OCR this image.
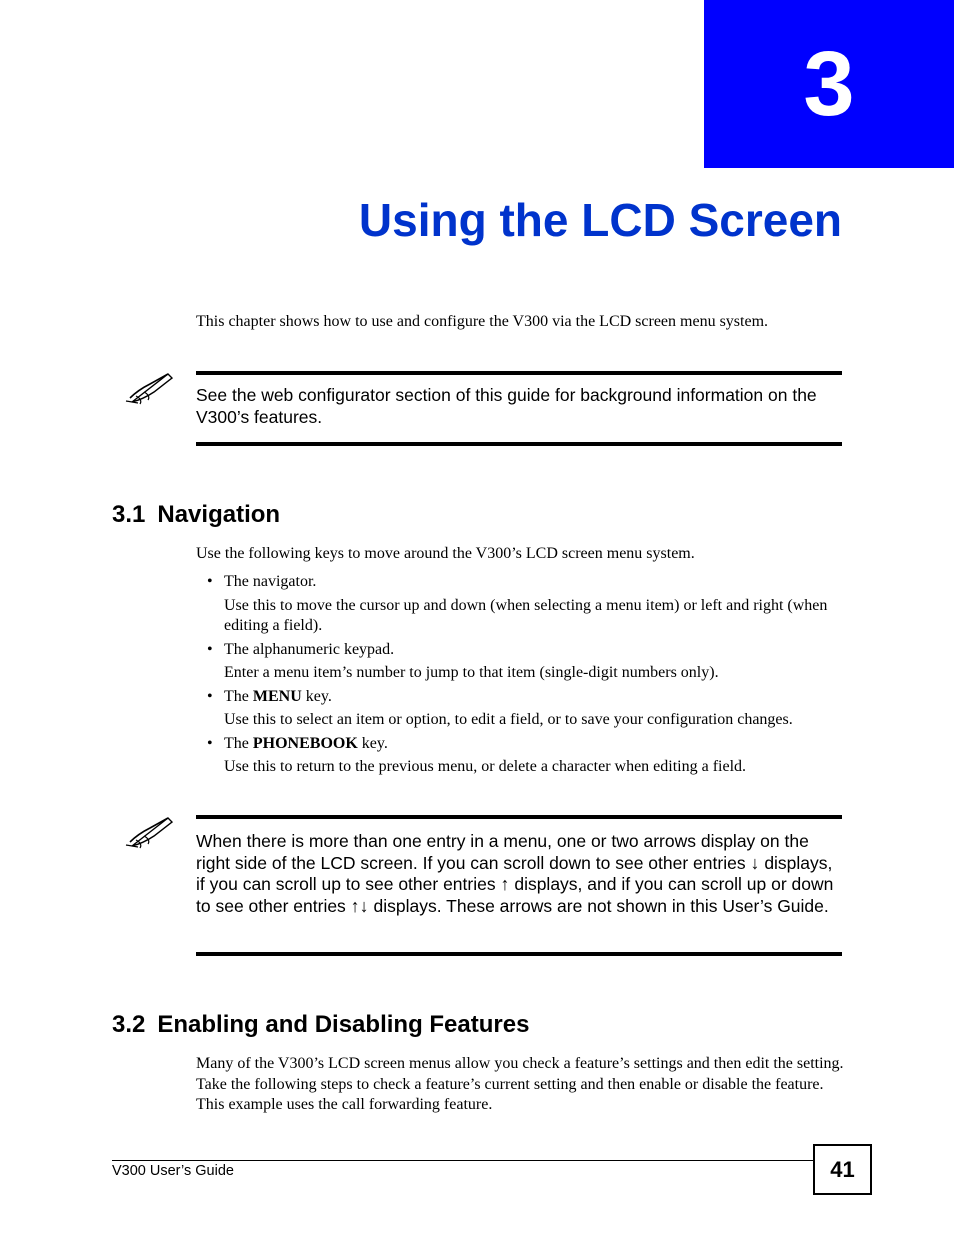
3
Using the LCD Screen

This chapter shows how to use and configure the V300 via the LCD screen menu system.

See the web configurator section of this guide for background information on the V300’s features.

3.1 Navigation

Use the following keys to move around the V300’s LCD screen menu system.

• The navigator.
Use this to move the cursor up and down (when selecting a menu item) or left and right (when editing a field).
• The alphanumeric keypad.
Enter a menu item’s number to jump to that item (single-digit numbers only).
• The MENU key.
Use this to select an item or option, to edit a field, or to save your configuration changes.
• The PHONEBOOK key.
Use this to return to the previous menu, or delete a character when editing a field.

When there is more than one entry in a menu, one or two arrows display on the right side of the LCD screen. If you can scroll down to see other entries ↓ displays, if you can scroll up to see other entries ↑ displays, and if you can scroll up or down to see other entries ↑↓ displays. These arrows are not shown in this User’s Guide.

3.2 Enabling and Disabling Features

Many of the V300’s LCD screen menus allow you check a feature’s settings and then edit the setting. Take the following steps to check a feature’s current setting and then enable or disable the feature. This example uses the call forwarding feature.

V300 User’s Guide	41
